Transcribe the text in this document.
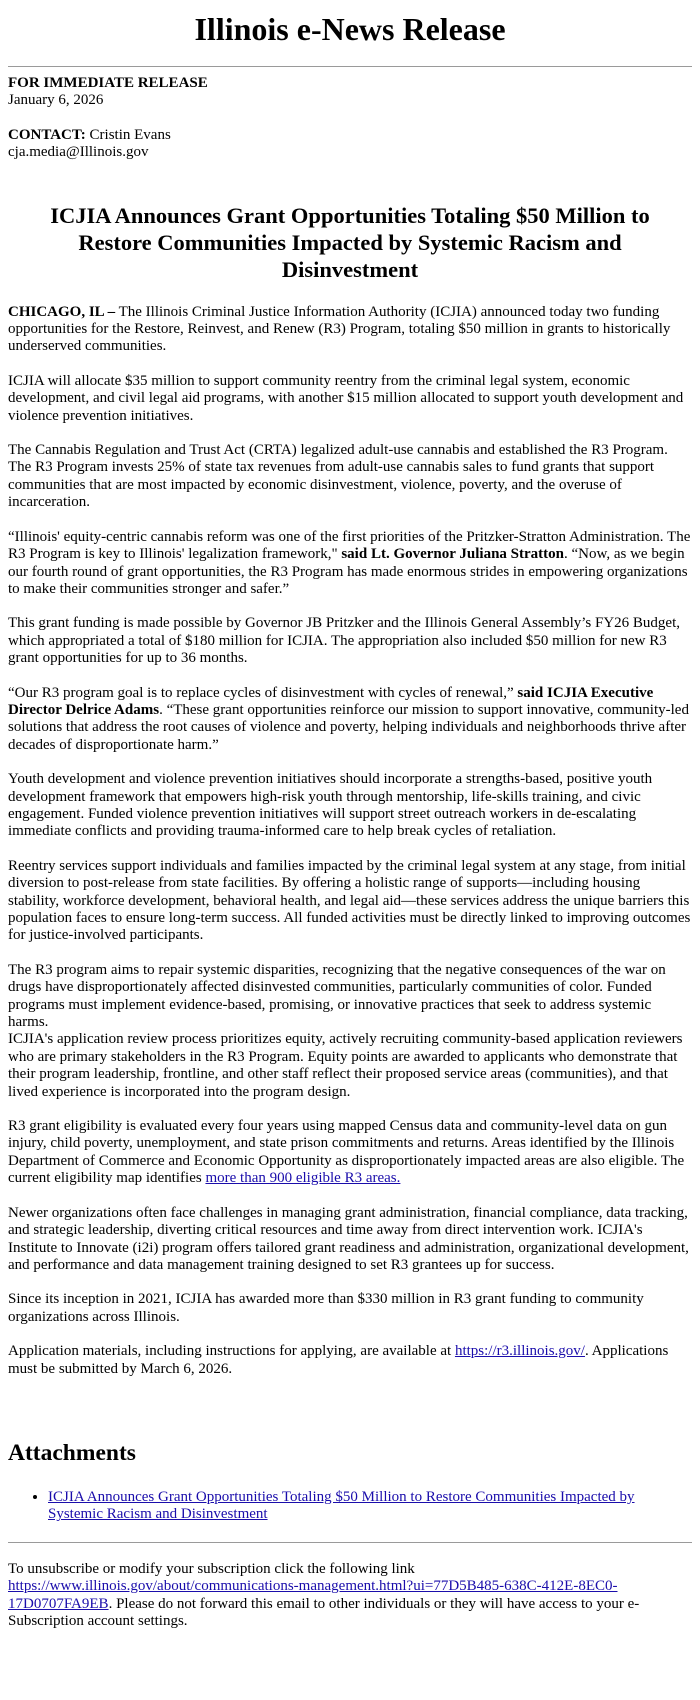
Illinois e-News Release

FOR IMMEDIATE RELEASE

January 6, 2026

CONTACT: Cristin Evans

cja.media@Illinois.gov

ICJIA Announces Grant Opportunities Totaling $50 Million to Restore Communities Impacted by Systemic Racism and Disinvestment

CHICAGO, IL – The Illinois Criminal Justice Information Authority (ICJIA) announced today two funding opportunities for the Restore, Reinvest, and Renew (R3) Program, totaling $50 million in grants to historically underserved communities.

ICJIA will allocate $35 million to support community reentry from the criminal legal system, economic development, and civil legal aid programs, with another $15 million allocated to support youth development and violence prevention initiatives.

The Cannabis Regulation and Trust Act (CRTA) legalized adult-use cannabis and established the R3 Program. The R3 Program invests 25% of state tax revenues from adult-use cannabis sales to fund grants that support communities that are most impacted by economic disinvestment, violence, poverty, and the overuse of incarceration.

“Illinois' equity-centric cannabis reform was one of the first priorities of the Pritzker-Stratton Administration. The R3 Program is key to Illinois' legalization framework," said Lt. Governor Juliana Stratton. “Now, as we begin our fourth round of grant opportunities, the R3 Program has made enormous strides in empowering organizations to make their communities stronger and safer.”

This grant funding is made possible by Governor JB Pritzker and the Illinois General Assembly’s FY26 Budget, which appropriated a total of $180 million for ICJIA. The appropriation also included $50 million for new R3 grant opportunities for up to 36 months.

“Our R3 program goal is to replace cycles of disinvestment with cycles of renewal,” said ICJIA Executive Director Delrice Adams. “These grant opportunities reinforce our mission to support innovative, community-led solutions that address the root causes of violence and poverty, helping individuals and neighborhoods thrive after decades of disproportionate harm.”

Youth development and violence prevention initiatives should incorporate a strengths-based, positive youth development framework that empowers high-risk youth through mentorship, life-skills training, and civic engagement. Funded violence prevention initiatives will support street outreach workers in de-escalating immediate conflicts and providing trauma-informed care to help break cycles of retaliation.

Reentry services support individuals and families impacted by the criminal legal system at any stage, from initial diversion to post-release from state facilities. By offering a holistic range of supports—including housing stability, workforce development, behavioral health, and legal aid—these services address the unique barriers this population faces to ensure long-term success. All funded activities must be directly linked to improving outcomes for justice-involved participants.

The R3 program aims to repair systemic disparities, recognizing that the negative consequences of the war on drugs have disproportionately affected disinvested communities, particularly communities of color. Funded programs must implement evidence-based, promising, or innovative practices that seek to address systemic harms.

ICJIA's application review process prioritizes equity, actively recruiting community-based application reviewers who are primary stakeholders in the R3 Program. Equity points are awarded to applicants who demonstrate that their program leadership, frontline, and other staff reflect their proposed service areas (communities), and that lived experience is incorporated into the program design.

R3 grant eligibility is evaluated every four years using mapped Census data and community-level data on gun injury, child poverty, unemployment, and state prison commitments and returns. Areas identified by the Illinois Department of Commerce and Economic Opportunity as disproportionately impacted areas are also eligible. The current eligibility map identifies more than 900 eligible R3 areas.

Newer organizations often face challenges in managing grant administration, financial compliance, data tracking, and strategic leadership, diverting critical resources and time away from direct intervention work. ICJIA's Institute to Innovate (i2i) program offers tailored grant readiness and administration, organizational development, and performance and data management training designed to set R3 grantees up for success.

Since its inception in 2021, ICJIA has awarded more than $330 million in R3 grant funding to community organizations across Illinois.

Application materials, including instructions for applying, are available at https://r3.illinois.gov/. Applications must be submitted by March 6, 2026.

Attachments
• ICJIA Announces Grant Opportunities Totaling $50 Million to Restore Communities Impacted by Systemic Racism and Disinvestment

To unsubscribe or modify your subscription click the following link https://www.illinois.gov/about/communications-management.html?ui=77D5B485-638C-412E-8EC0-17D0707FA9EB. Please do not forward this email to other individuals or they will have access to your e-Subscription account settings.
